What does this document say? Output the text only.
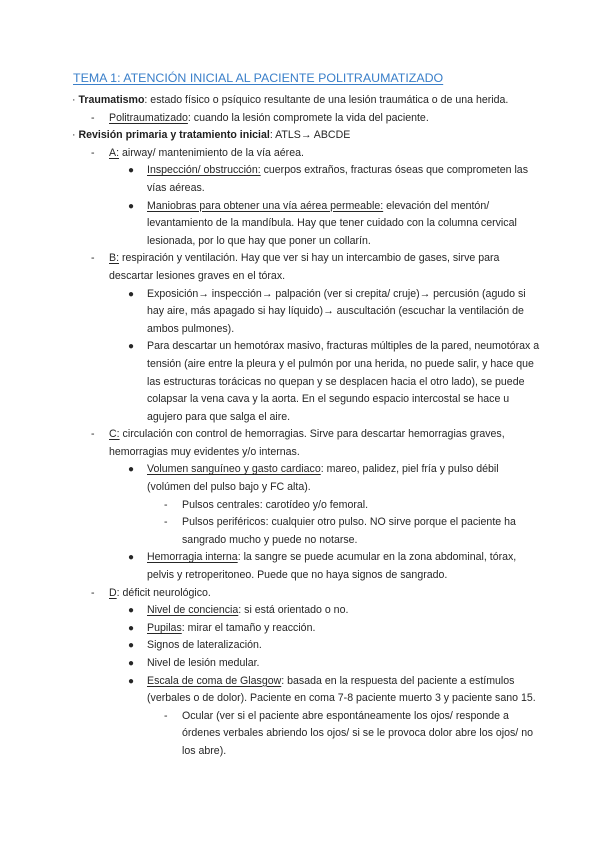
TEMA 1: ATENCIÓN INICIAL AL PACIENTE POLITRAUMATIZADO

· Traumatismo: estado físico o psíquico resultante de una lesión traumática o de una herida.

- Politraumatizado: cuando la lesión compromete la vida del paciente.

· Revisión primaria y tratamiento inicial: ATLS→ ABCDE

- A: airway/ mantenimiento de la vía aérea.

● Inspección/ obstrucción: cuerpos extraños, fracturas óseas que comprometen las vías aéreas.

● Maniobras para obtener una vía aérea permeable: elevación del mentón/ levantamiento de la mandíbula. Hay que tener cuidado con la columna cervical lesionada, por lo que hay que poner un collarín.

- B: respiración y ventilación. Hay que ver si hay un intercambio de gases, sirve para descartar lesiones graves en el tórax.

● Exposición→ inspección→ palpación (ver si crepita/ cruje)→ percusión (agudo si hay aire, más apagado si hay líquido)→ auscultación (escuchar la ventilación de ambos pulmones).

● Para descartar un hemotórax masivo, fracturas múltiples de la pared, neumotórax a tensión (aire entre la pleura y el pulmón por una herida, no puede salir, y hace que las estructuras torácicas no quepan y se desplacen hacia el otro lado), se puede colapsar la vena cava y la aorta. En el segundo espacio intercostal se hace u agujero para que salga el aire.

- C: circulación con control de hemorragias. Sirve para descartar hemorragias graves, hemorragias muy evidentes y/o internas.

● Volumen sanguíneo y gasto cardiaco: mareo, palidez, piel fría y pulso débil (volúmen del pulso bajo y FC alta).

- Pulsos centrales: carotídeo y/o femoral.

- Pulsos periféricos: cualquier otro pulso. NO sirve porque el paciente ha sangrado mucho y puede no notarse.

● Hemorragia interna: la sangre se puede acumular en la zona abdominal, tórax, pelvis y retroperitoneo. Puede que no haya signos de sangrado.

- D: déficit neurológico.

● Nivel de conciencia: si está orientado o no.

● Pupilas: mirar el tamaño y reacción.

● Signos de lateralización.

● Nivel de lesión medular.

● Escala de coma de Glasgow: basada en la respuesta del paciente a estímulos (verbales o de dolor). Paciente en coma 7-8 paciente muerto 3 y paciente sano 15.

- Ocular (ver si el paciente abre espontáneamente los ojos/ responde a órdenes verbales abriendo los ojos/ si se le provoca dolor abre los ojos/ no los abre).
